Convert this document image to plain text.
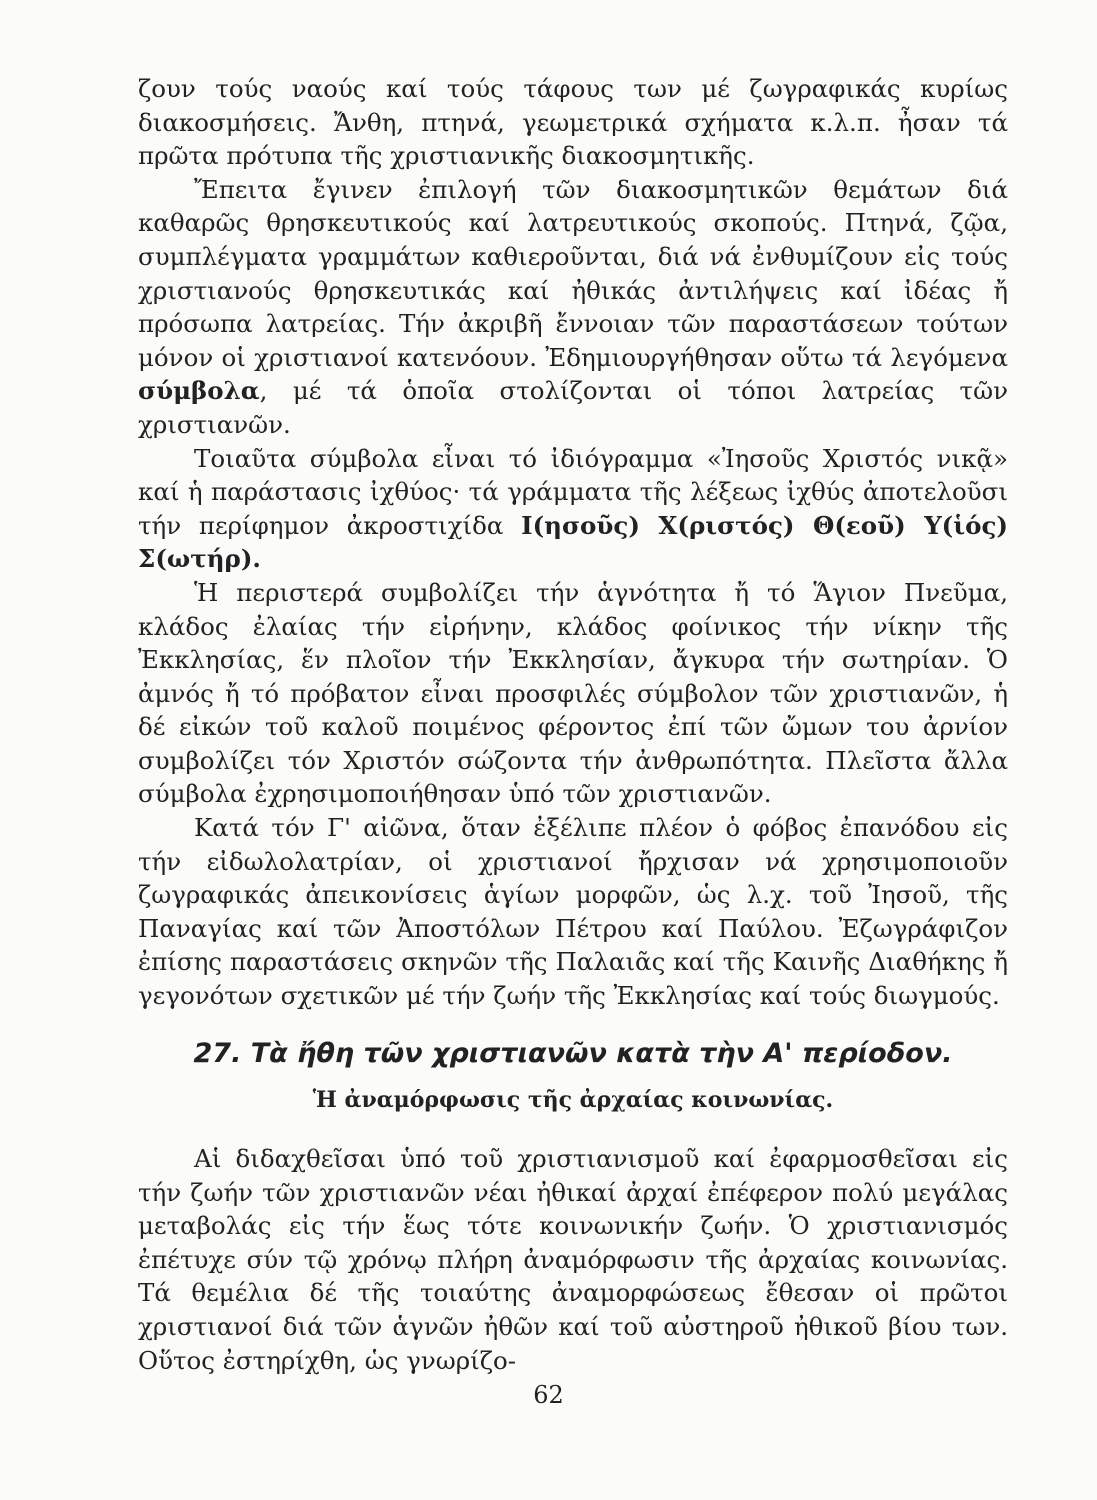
ζουν τούς ναούς καί τούς τάφους των μέ ζωγραφικάς κυρίως διακοσμήσεις. Ἄνθη, πτηνά, γεωμετρικά σχήματα κ.λ.π. ἦσαν τά πρῶτα πρότυπα τῆς χριστιανικῆς διακοσμητικῆς.

Ἔπειτα ἔγινεν ἐπιλογή τῶν διακοσμητικῶν θεμάτων διά καθαρῶς θρησκευτικούς καί λατρευτικούς σκοπούς. Πτηνά, ζῷα, συμπλέγματα γραμμάτων καθιεροῦνται, διά νά ἐνθυμίζουν εἰς τούς χριστιανούς θρησκευτικάς καί ἠθικάς ἀντιλήψεις καί ἰδέας ἤ πρόσωπα λατρείας. Τήν ἀκριβῆ ἔννοιαν τῶν παραστάσεων τούτων μόνον οἱ χριστιανοί κατενόουν. Ἐδημιουργήθησαν οὕτω τά λεγόμενα σύμβολα, μέ τά ὁποῖα στολίζονται οἱ τόποι λατρείας τῶν χριστιανῶν.

Τοιαῦτα σύμβολα εἶναι τό ἰδιόγραμμα «Ἰησοῦς Χριστός νικᾷ» καί ἡ παράστασις ἰχθύος· τά γράμματα τῆς λέξεως ἰχθύς ἀποτελοῦσι τήν περίφημον ἀκροστιχίδα Ι(ησοῦς) Χ(ριστός) Θ(εοῦ) Υ(ἱός) Σ(ωτήρ).

Ἡ περιστερά συμβολίζει τήν ἁγνότητα ἤ τό Ἅγιον Πνεῦμα, κλάδος ἐλαίας τήν εἰρήνην, κλάδος φοίνικος τήν νίκην τῆς Ἐκκλησίας, ἕν πλοῖον τήν Ἐκκλησίαν, ἄγκυρα τήν σωτηρίαν. Ὁ ἀμνός ἤ τό πρόβατον εἶναι προσφιλές σύμβολον τῶν χριστιανῶν, ἡ δέ εἰκών τοῦ καλοῦ ποιμένος φέροντος ἐπί τῶν ὤμων του ἀρνίον συμβολίζει τόν Χριστόν σώζοντα τήν ἀνθρωπότητα. Πλεῖστα ἄλλα σύμβολα ἐχρησιμοποιήθησαν ὑπό τῶν χριστιανῶν.

Κατά τόν Γ' αἰῶνα, ὅταν ἐξέλιπε πλέον ὁ φόβος ἐπανόδου εἰς τήν εἰδωλολατρίαν, οἱ χριστιανοί ἤρχισαν νά χρησιμοποιοῦν ζωγραφικάς ἀπεικονίσεις ἁγίων μορφῶν, ὡς λ.χ. τοῦ Ἰησοῦ, τῆς Παναγίας καί τῶν Ἀποστόλων Πέτρου καί Παύλου. Ἐζωγράφιζον ἐπίσης παραστάσεις σκηνῶν τῆς Παλαιᾶς καί τῆς Καινῆς Διαθήκης ἤ γεγονότων σχετικῶν μέ τήν ζωήν τῆς Ἐκκλησίας καί τούς διωγμούς.

27. Τὰ ἤθη τῶν χριστιανῶν κατὰ τὴν Α' περίοδον.
Ἡ ἀναμόρφωσις τῆς ἀρχαίας κοινωνίας.

Αἱ διδαχθεῖσαι ὑπό τοῦ χριστιανισμοῦ καί ἐφαρμοσθεῖσαι εἰς τήν ζωήν τῶν χριστιανῶν νέαι ἠθικαί ἀρχαί ἐπέφερον πολύ μεγάλας μεταβολάς εἰς τήν ἕως τότε κοινωνικήν ζωήν. Ὁ χριστιανισμός ἐπέτυχε σύν τῷ χρόνῳ πλήρη ἀναμόρφωσιν τῆς ἀρχαίας κοινωνίας. Τά θεμέλια δέ τῆς τοιαύτης ἀναμορφώσεως ἔθεσαν οἱ πρῶτοι χριστιανοί διά τῶν ἁγνῶν ἠθῶν καί τοῦ αὐστηροῦ ἠθικοῦ βίου των. Οὕτος ἐστηρίχθη, ὡς γνωρίζο-

62
